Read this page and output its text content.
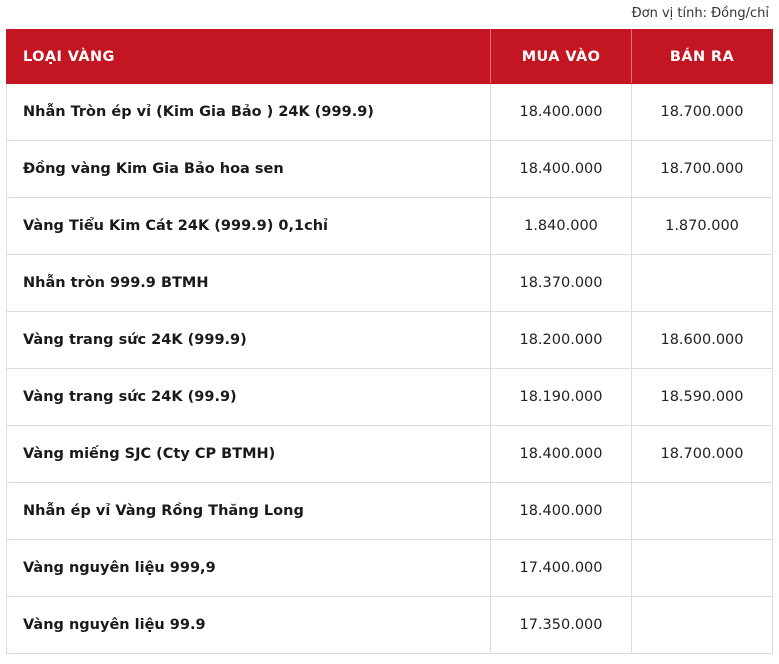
Đơn vị tính: Đồng/chỉ
LOẠI VÀNG	MUA VÀO	BÁN RA
Nhẫn Tròn ép vỉ (Kim Gia Bảo ) 24K (999.9)	18.400.000	18.700.000
Đồng vàng Kim Gia Bảo hoa sen	18.400.000	18.700.000
Vàng Tiểu Kim Cát 24K (999.9) 0,1chỉ	1.840.000	1.870.000
Nhẫn tròn 999.9 BTMH	18.370.000	
Vàng trang sức 24K (999.9)	18.200.000	18.600.000
Vàng trang sức 24K (99.9)	18.190.000	18.590.000
Vàng miếng SJC (Cty CP BTMH)	18.400.000	18.700.000
Nhẫn ép vỉ Vàng Rồng Thăng Long	18.400.000	
Vàng nguyên liệu 999,9	17.400.000	
Vàng nguyên liệu 99.9	17.350.000	
